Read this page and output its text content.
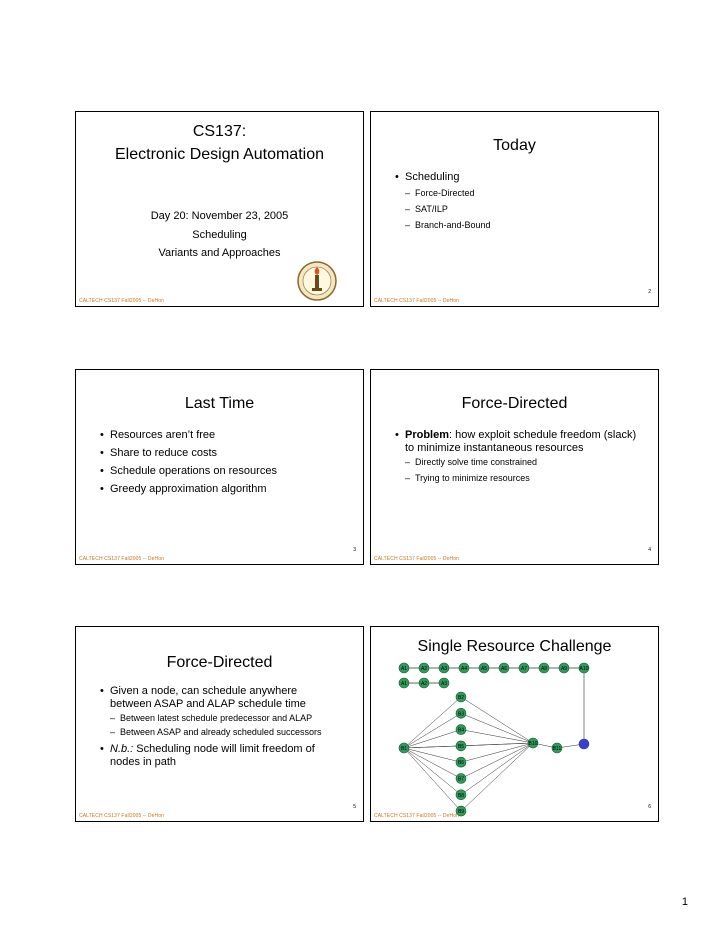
CS137:
Electronic Design Automation
Day 20: November 23, 2005
Scheduling
Variants and Approaches
CALTECH CS137 Fall2005 -- DeHon
Today
• Scheduling
– Force-Directed
– SAT/ILP
– Branch-and-Bound
2
CALTECH CS137 Fall2005 -- DeHon
Last Time
• Resources aren’t free
• Share to reduce costs
• Schedule operations on resources
• Greedy approximation algorithm
3
CALTECH CS137 Fall2005 -- DeHon
Force-Directed
• Problem: how exploit schedule freedom (slack) to minimize instantaneous resources
– Directly solve time constrained
– Trying to minimize resources
4
CALTECH CS137 Fall2005 -- DeHon
Force-Directed
• Given a node, can schedule anywhere between ASAP and ALAP schedule time
– Between latest schedule predecessor and ALAP
– Between ASAP and already scheduled successors
• N.b.: Scheduling node will limit freedom of nodes in path
5
CALTECH CS137 Fall2005 -- DeHon
Single Resource Challenge
A1	A2	A3	A4	A5	A6	A7	A8	A9 A10
A1	A2	A3
B1
B2
B3
B4
B5
B6
B7
B8
B9
B10
B11
6
CALTECH CS137 Fall2005 -- DeHon
1
